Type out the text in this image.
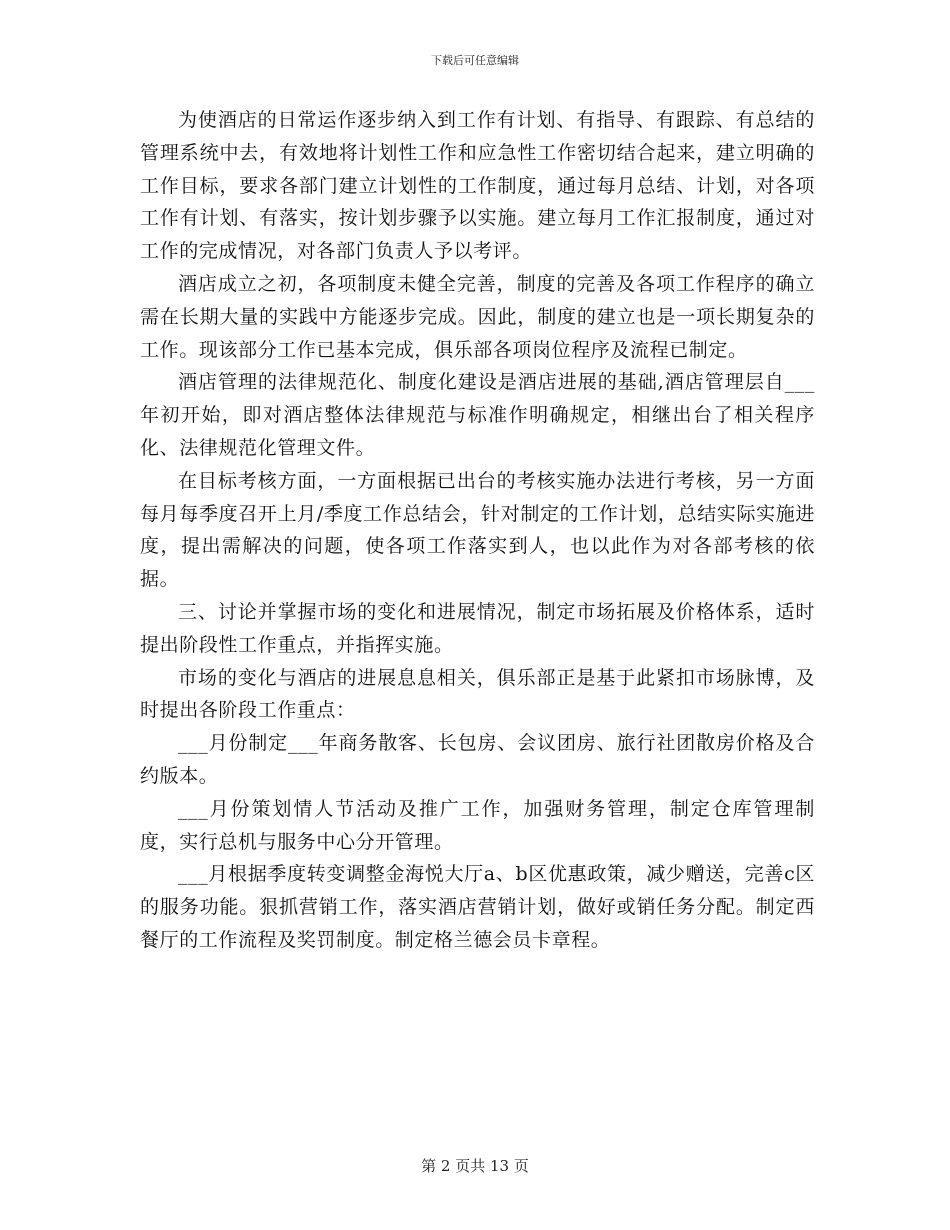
下载后可任意编辑

为使酒店的日常运作逐步纳入到工作有计划、有指导、有跟踪、有总结的管理系统中去，有效地将计划性工作和应急性工作密切结合起来，建立明确的工作目标，要求各部门建立计划性的工作制度，通过每月总结、计划，对各项工作有计划、有落实，按计划步骤予以实施。建立每月工作汇报制度，通过对工作的完成情况，对各部门负责人予以考评。

酒店成立之初，各项制度未健全完善，制度的完善及各项工作程序的确立需在长期大量的实践中方能逐步完成。因此，制度的建立也是一项长期复杂的工作。现该部分工作已基本完成，俱乐部各项岗位程序及流程已制定。

酒店管理的法律规范化、制度化建设是酒店进展的基础,酒店管理层自___年初开始，即对酒店整体法律规范与标准作明确规定，相继出台了相关程序化、法律规范化管理文件。

在目标考核方面，一方面根据已出台的考核实施办法进行考核，另一方面每月每季度召开上月/季度工作总结会，针对制定的工作计划，总结实际实施进度，提出需解决的问题，使各项工作落实到人，也以此作为对各部考核的依据。

三、讨论并掌握市场的变化和进展情况，制定市场拓展及价格体系，适时提出阶段性工作重点，并指挥实施。

市场的变化与酒店的进展息息相关，俱乐部正是基于此紧扣市场脉博，及时提出各阶段工作重点：

___月份制定___年商务散客、长包房、会议团房、旅行社团散房价格及合约版本。

___月份策划情人节活动及推广工作，加强财务管理，制定仓库管理制度，实行总机与服务中心分开管理。

___月根据季度转变调整金海悦大厅a、b区优惠政策，减少赠送，完善c区的服务功能。狠抓营销工作，落实酒店营销计划，做好或销任务分配。制定西餐厅的工作流程及奖罚制度。制定格兰德会员卡章程。

第 2 页共 13 页
